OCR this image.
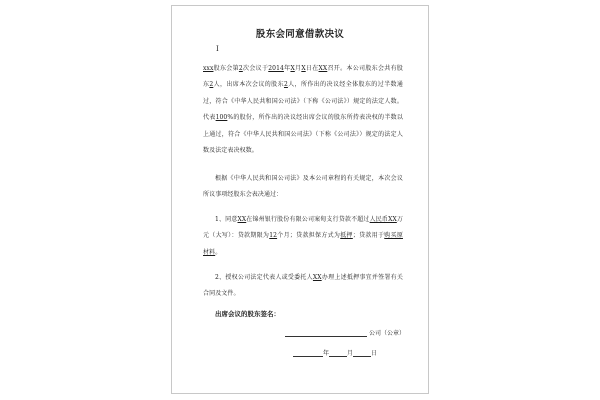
股东会同意借款决议
I
xxx股东会第2次会议于2014年X月X日在XX召开。本公司股东会共有股东2人，出席本次会议的股东2人，所作出的决议经全体股东的过半数通过，符合《中华人民共和国公司法》（下称《公司法》）规定的法定人数。代表100%的股份，所作出的决议经出席会议的股东所持表决权的半数以上通过，符合《中华人民共和国公司法》（下称《公司法》）规定的法定人数及法定表决权数。
根据《中华人民共和国公司法》及本公司章程的有关规定，本次会议所议事项经股东会表决通过：
1、同意XX在锦州银行股份有限公司案甸支行贷款不超过人民币XX万元（大写）：贷款期限为12个月；贷款担保方式为抵押；贷款用于购买原材料。
2、授权公司法定代表人或受委托人XX办理上述抵押事宜并签署有关合同及文件。
出席会议的股东签名：
公司（公章）
年	月	日
